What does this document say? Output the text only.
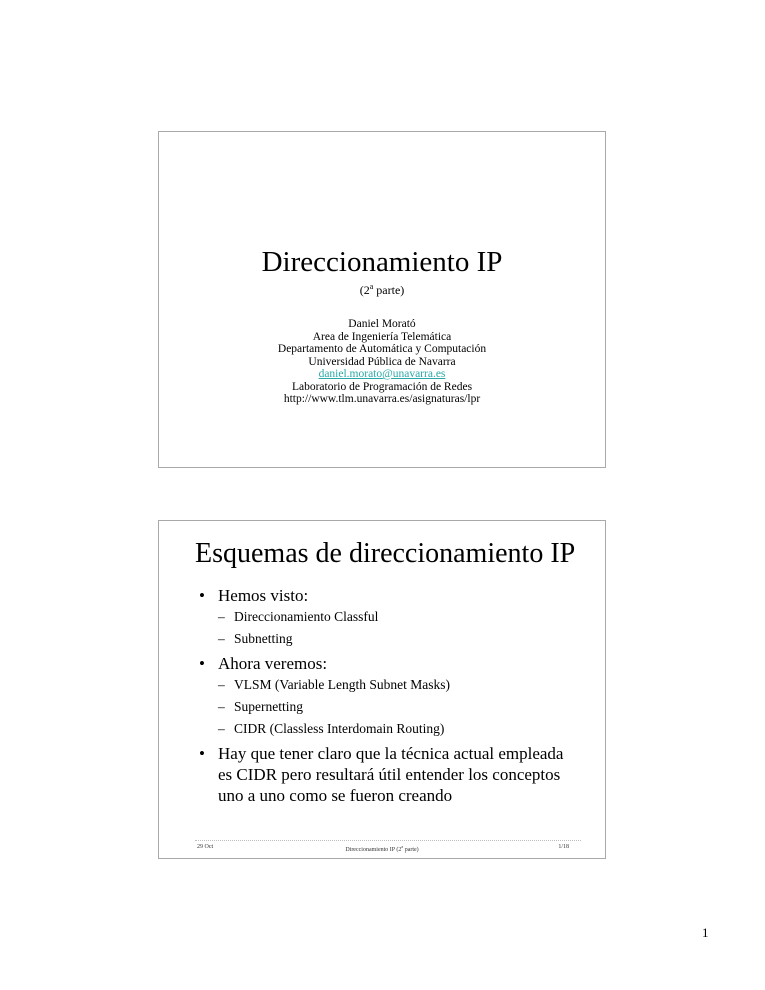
Direccionamiento IP
(2$^a$ parte)
Daniel Morató
Area de Ingeniería Telemática
Departamento de Automática y Computación
Universidad Pública de Navarra
daniel.morato@unavarra.es
Laboratorio de Programación de Redes
http://www.tlm.unavarra.es/asignaturas/lpr
Esquemas de direccionamiento IP
• Hemos visto:
– Direccionamiento Classful
– Subnetting
• Ahora veremos:
– VLSM (Variable Length Subnet Masks)
– Supernetting
– CIDR (Classless Interdomain Routing)
• Hay que tener claro que la técnica actual empleada
es CIDR pero resultará útil entender los conceptos
uno a uno como se fueron creando
29 Oct	Direccionamiento IP (2$^a$ parte)	1/18
1
